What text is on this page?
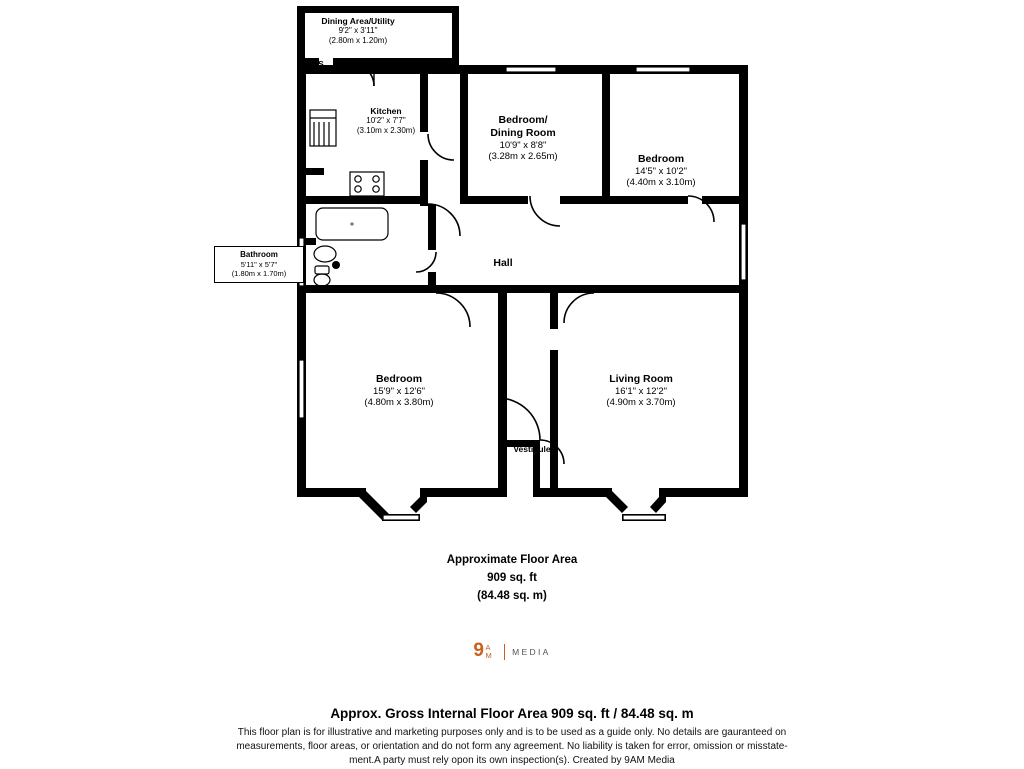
Dining Area/Utility
9'2" x 3'11"
(2.80m x 1.20m)
S
Kitchen
10'2" x 7'7"
(3.10m x 2.30m)
Bedroom/
Dining Room
10'9" x 8'8"
(3.28m x 2.65m)	Bedroom
14'5" x 10'2"
(4.40m x 3.10m)
Bathroom
5'11" x 5'7"
(1.80m x 1.70m)
Hall
Bedroom
15'9" x 12'6"
(4.80m x 3.80m)
Living Room
16'1" x 12'2"
(4.90m x 3.70m)
Vestibule
Approximate Floor Area
909 sq. ft
(84.48 sq. m)
9A
M MEDIA
Approx. Gross Internal Floor Area 909 sq. ft / 84.48 sq. m
This floor plan is for illustrative and marketing purposes only and is to be used as a guide only. No details are gauranteed on
measurements, floor areas, or orientation and do not form any agreement. No liability is taken for error, omission or misstate-
ment.A party must rely opon its own inspection(s). Created by 9AM Media
